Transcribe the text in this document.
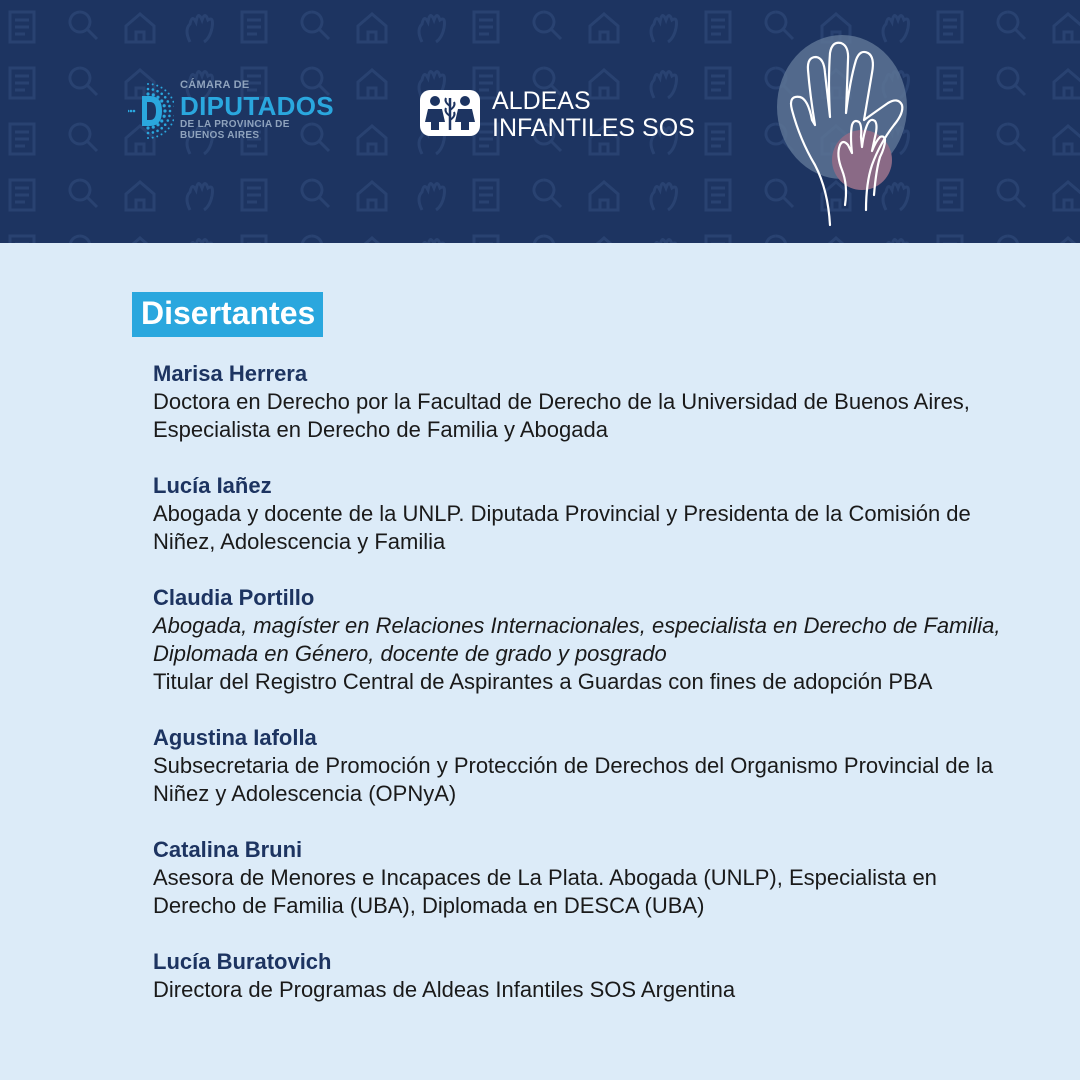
CÁMARA DE
DIPUTADOS
DE LA PROVINCIA DE
BUENOS AIRES
ALDEAS
INFANTILES SOS
Disertantes
Marisa Herrera
Doctora en Derecho por la Facultad de Derecho de la Universidad de Buenos Aires, Especialista en Derecho de Familia y Abogada
Lucía Iañez
Abogada y docente de la UNLP. Diputada Provincial y Presidenta de la Comisión de Niñez, Adolescencia y Familia
Claudia Portillo
Abogada, magíster en Relaciones Internacionales, especialista en Derecho de Familia, Diplomada en Género, docente de grado y posgrado
Titular del Registro Central de Aspirantes a Guardas con fines de adopción PBA
Agustina Iafolla
Subsecretaria de Promoción y Protección de Derechos del Organismo Provincial de la Niñez y Adolescencia (OPNyA)
Catalina Bruni
Asesora de Menores e Incapaces de La Plata. Abogada (UNLP), Especialista en Derecho de Familia (UBA), Diplomada en DESCA (UBA)
Lucía Buratovich
Directora de Programas de Aldeas Infantiles SOS Argentina
